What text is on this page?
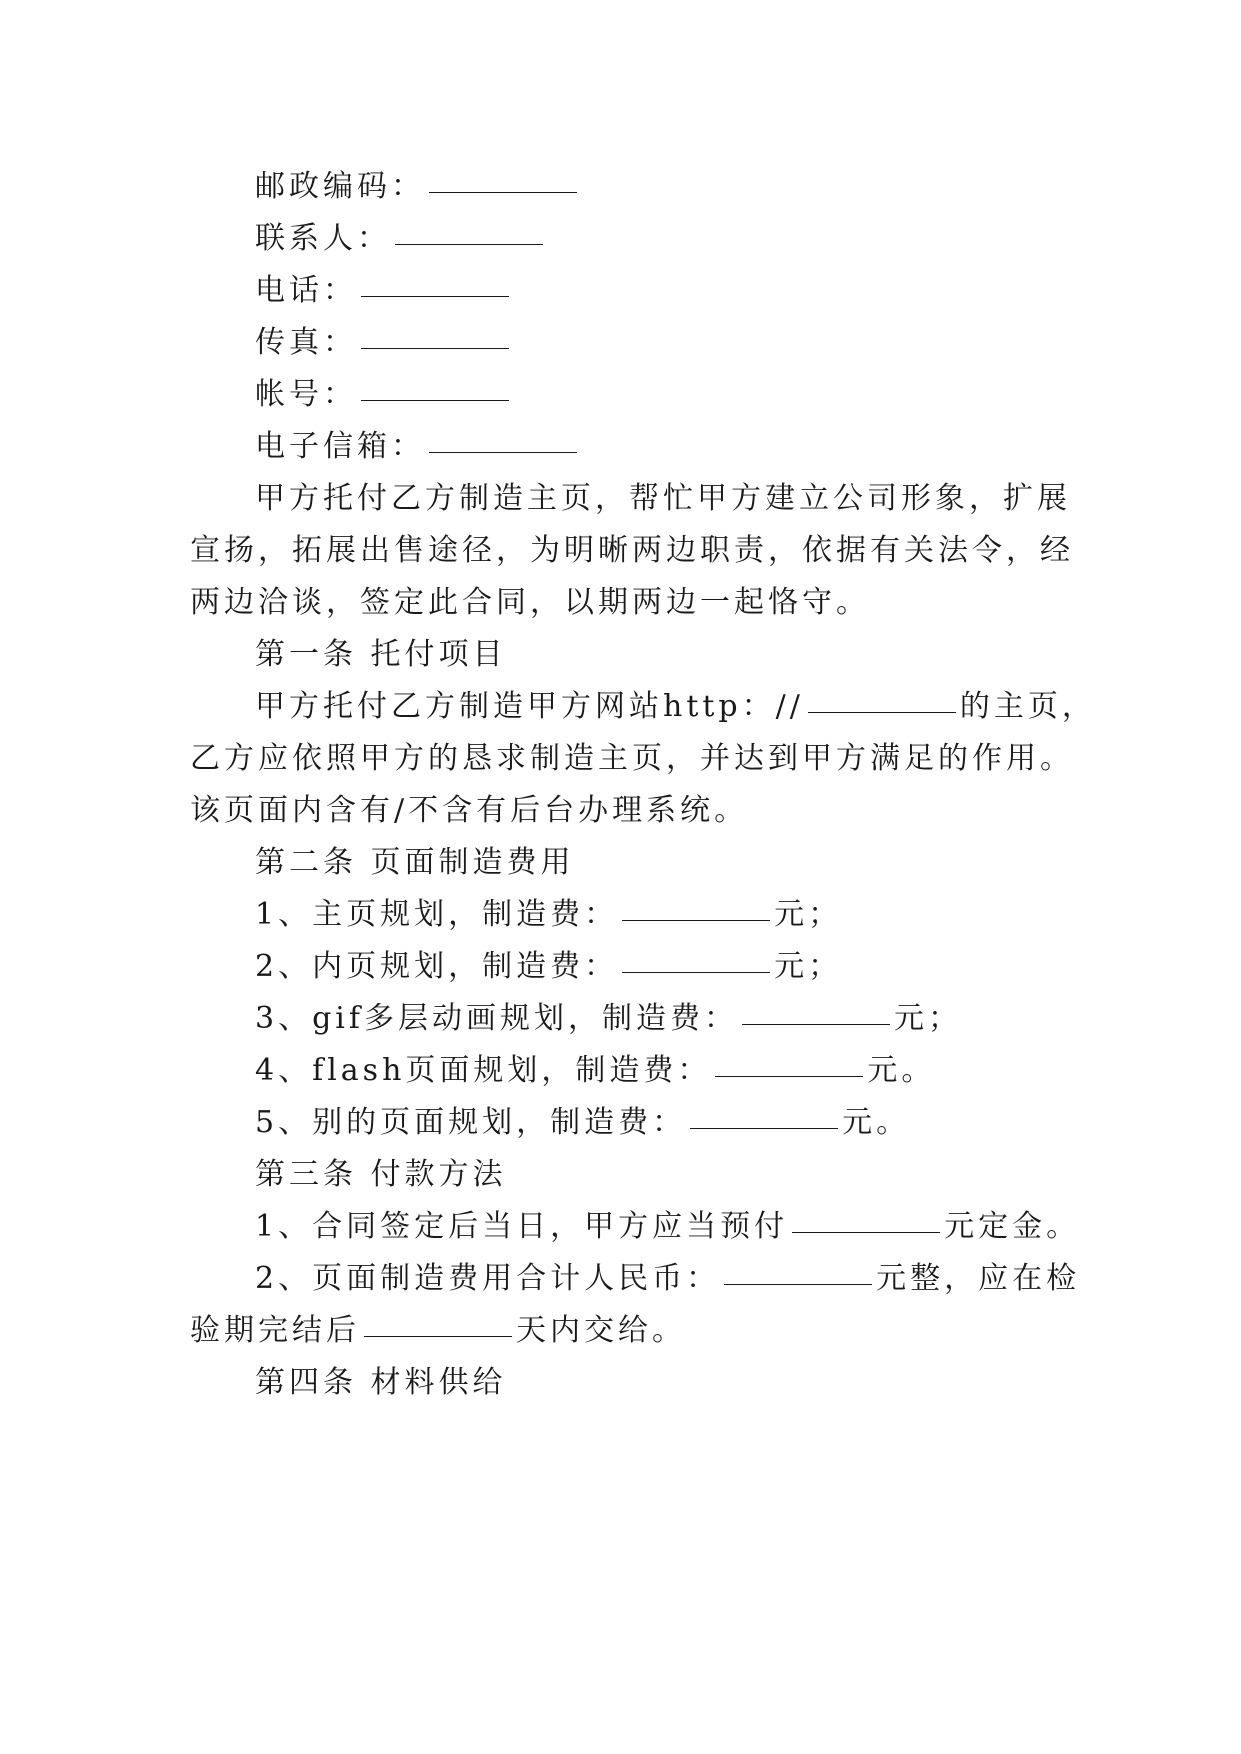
邮政编码：
联系人：
电话：
传真：
帐号：
电子信箱：
甲方托付乙方制造主页，帮忙甲方建立公司形象，扩展
宣扬，拓展出售途径，为明晰两边职责，依据有关法令，经
两边洽谈，签定此合同，以期两边一起恪守。
第一条 托付项目
甲方托付乙方制造甲方网站http：//	的主页，
乙方应依照甲方的恳求制造主页，并达到甲方满足的作用。
该页面内含有/不含有后台办理系统。
第二条 页面制造费用
1、主页规划，制造费：	元；
2、内页规划，制造费：	元；
3、gif多层动画规划，制造费：	元；
4、flash页面规划，制造费：	元。
5、别的页面规划，制造费：	元。
第三条 付款方法
1、合同签定后当日，甲方应当预付	元定金。
2、页面制造费用合计人民币：	元整，应在检
验期完结后	天内交给。
第四条 材料供给
